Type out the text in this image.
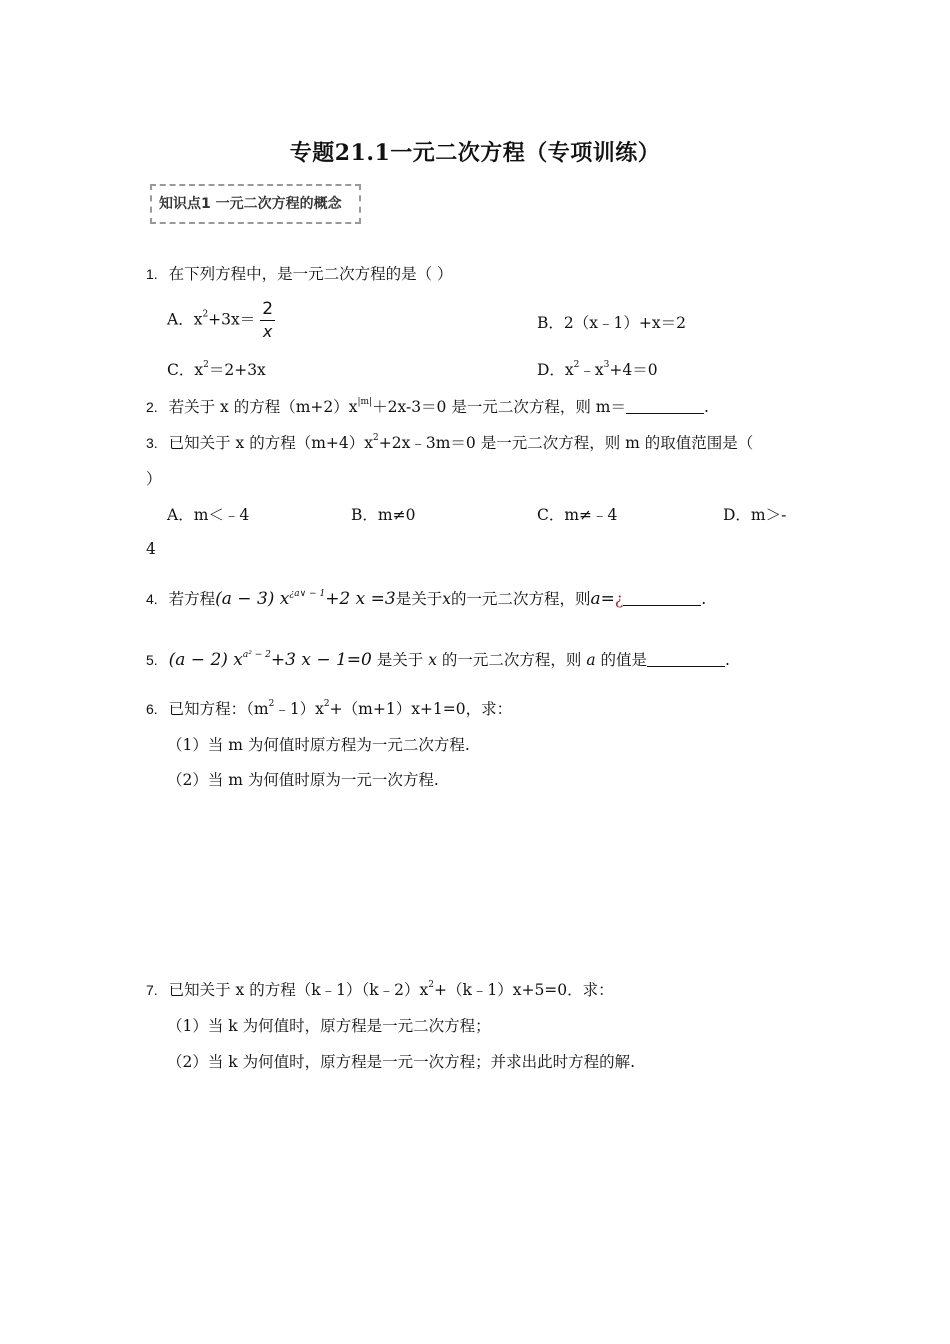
专题21.1一元二次方程（专项训练）
知识点1 一元二次方程的概念
1. 在下列方程中，是一元二次方程的是（ ）
A．$x^2+3x= \frac{2}{x}$	B．2（x﹣1）+x＝2
C．$x^2=2+3x$	D．$x^2﹣x^3+4=0$
2. 若关于 x 的方程$(m+2)x^{|m|}+2x-3=0$ 是一元二次方程，则 m＝	.
3. 已知关于 x 的方程$(m+4)x^2+2x﹣3m=0$ 是一元二次方程，则 m 的取值范围是（
）
A．m＜﹣4	B．m≠0	C．m≠﹣4	D．m＞-
4
4. 若方程(a − 3) $x^{¿a\vee - 1}+2$ x =3是关于x的一元二次方程，则a=¿	.
5. (a − 2) $x^{a^2 - 2}+3$ x − 1=0 是关于 x 的一元二次方程，则 a 的值是	.
6. 已知方程：$(m^2﹣1)x^2+(m+1)x+1=0$，求：
（1）当 m 为何值时原方程为一元二次方程.
（2）当 m 为何值时原为一元一次方程.
7. 已知关于 x 的方程$(k﹣1)(k﹣2)x^2+(k﹣1)x+5=0$．求：
（1）当 k 为何值时，原方程是一元二次方程；
（2）当 k 为何值时，原方程是一元一次方程；并求出此时方程的解.
